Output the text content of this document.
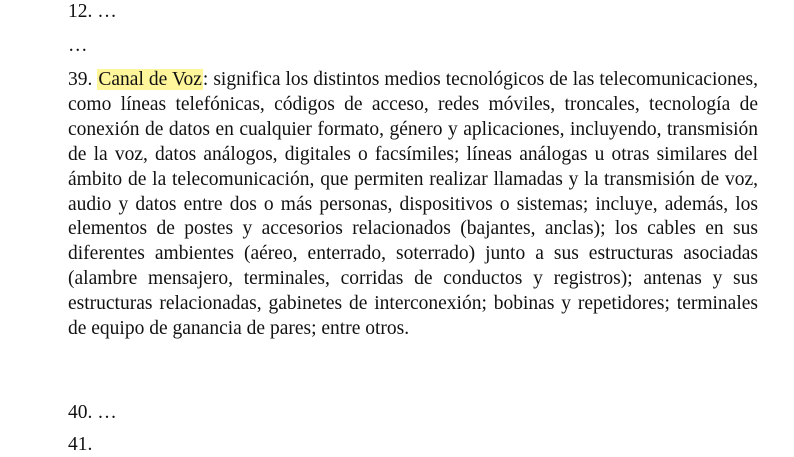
12. …
…
39. Canal de Voz: significa los distintos medios tecnológicos de las telecomunicaciones, como líneas telefónicas, códigos de acceso, redes móviles, troncales, tecnología de conexión de datos en cualquier formato, género y aplicaciones, incluyendo, transmisión de la voz, datos análogos, digitales o facsímiles; líneas análogas u otras similares del ámbito de la telecomunicación, que permiten realizar llamadas y la transmisión de voz, audio y datos entre dos o más personas, dispositivos o sistemas; incluye, además, los elementos de postes y accesorios relacionados (bajantes, anclas); los cables en sus diferentes ambientes (aéreo, enterrado, soterrado) junto a sus estructuras asociadas (alambre mensajero, terminales, corridas de conductos y registros); antenas y sus estructuras relacionadas, gabinetes de interconexión; bobinas y repetidores; terminales de equipo de ganancia de pares; entre otros.
40. …
41.
